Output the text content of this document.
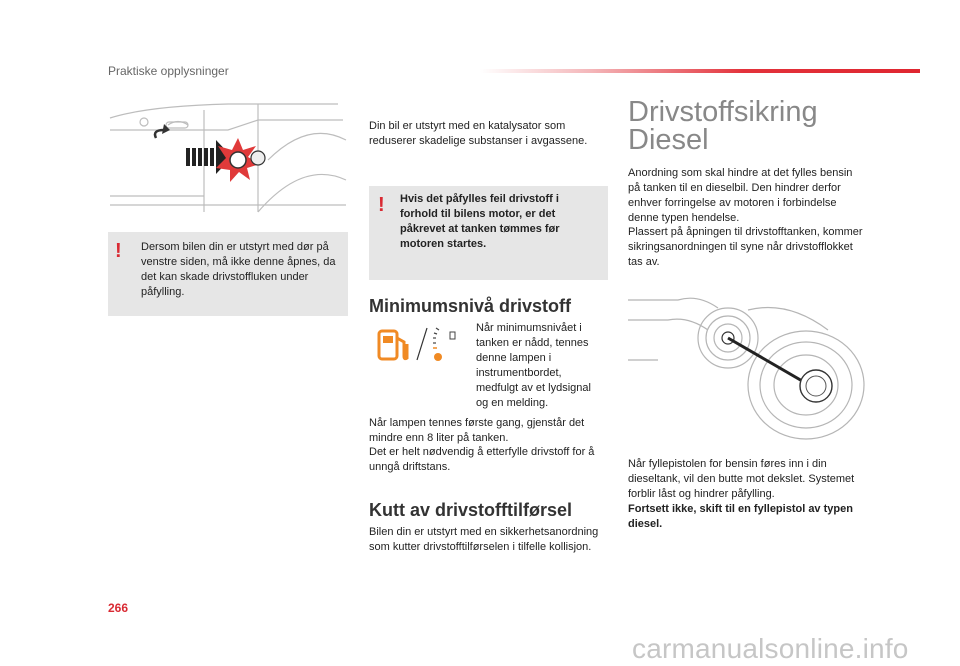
Praktiske opplysninger
! Dersom bilen din er utstyrt med dør på venstre siden, må ikke denne åpnes, da det kan skade drivstoffluken under påfylling.
Din bil er utstyrt med en katalysator som reduserer skadelige substanser i avgassene.
! Hvis det påfylles feil drivstoff i forhold til bilens motor, er det påkrevet at tanken tømmes før motoren startes.
Minimumsnivå drivstoff
Når minimumsnivået i tanken er nådd, tennes denne lampen i instrumentbordet, medfulgt av et lydsignal og en melding.
Når lampen tennes første gang, gjenstår det mindre enn 8 liter på tanken.
Det er helt nødvendig å etterfylle drivstoff for å unngå driftstans.
Kutt av drivstofftilførsel
Bilen din er utstyrt med en sikkerhetsanordning som kutter drivstofftilførselen i tilfelle kollisjon.
Drivstoffsikring
Diesel
Anordning som skal hindre at det fylles bensin på tanken til en dieselbil. Den hindrer derfor enhver forringelse av motoren i forbindelse denne typen hendelse.
Plassert på åpningen til drivstofftanken, kommer sikringsanordningen til syne når drivstofflokket tas av.
Når fyllepistolen for bensin føres inn i din dieseltank, vil den butte mot dekslet. Systemet forblir låst og hindrer påfylling.
Fortsett ikke, skift til en fyllepistol av typen diesel.
266
carmanualsonline.info
